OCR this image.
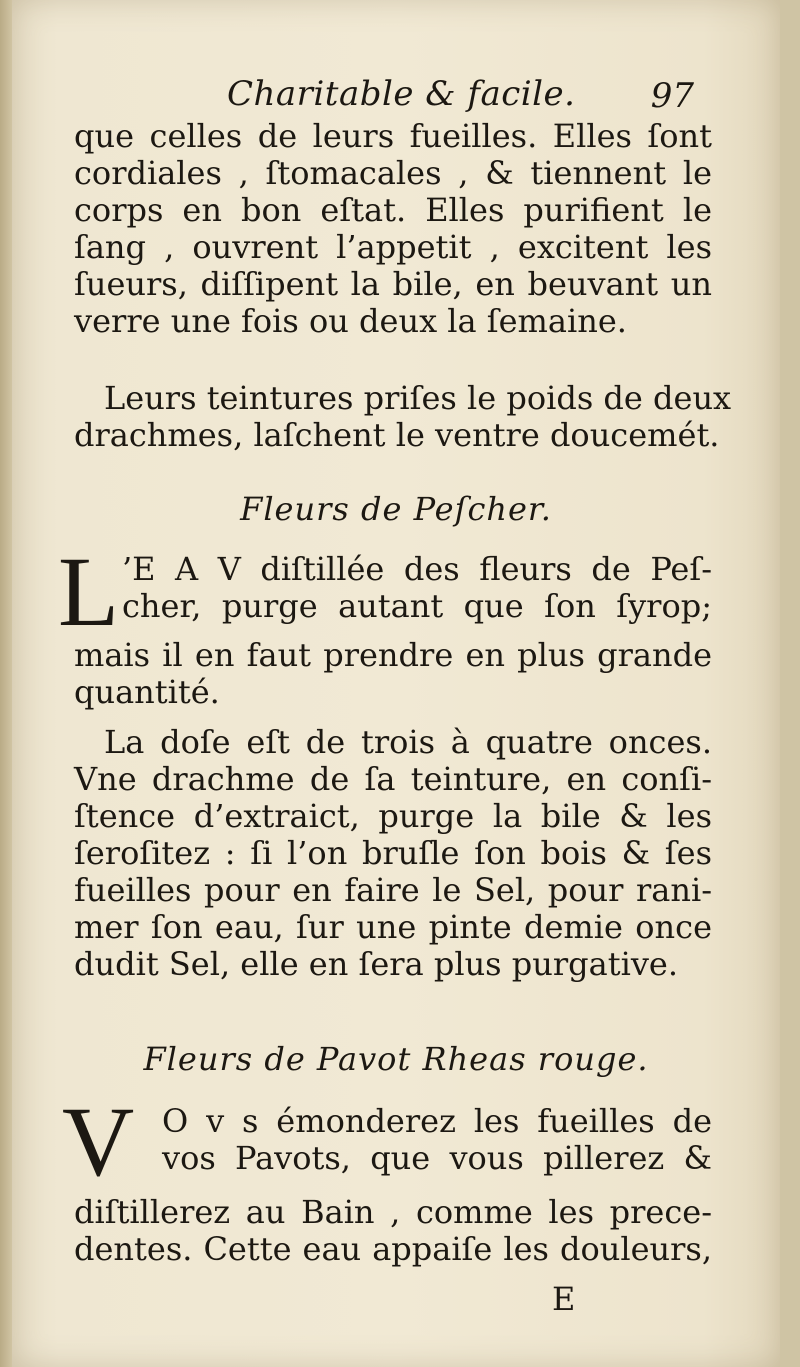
Charitable & facile. 97
que celles de leurs fueilles. Elles ſont
cordiales , ſtomacales , & tiennent le
corps en bon eſtat. Elles purifient le
ſang , ouvrent l’appetit , excitent les
ſueurs, diſſipent la bile, en beuvant un
verre une fois ou deux la ſemaine.
Leurs teintures priſes le poids de deux
drachmes, laſchent le ventre doucemét.
Fleurs de Peſcher.
L ’E A V diſtillée des fleurs de Peſ-
cher, purge autant que ſon ſyrop;
mais il en faut prendre en plus grande
quantité.
La doſe eſt de trois à quatre onces.
Vne drachme de ſa teinture, en conſi-
ſtence d’extraict, purge la bile & les
ſeroſitez : ſi l’on bruſle ſon bois & ſes
fueilles pour en faire le Sel, pour rani-
mer ſon eau, ſur une pinte demie once
dudit Sel, elle en ſera plus purgative.
Fleurs de Pavot Rheas rouge.
V O v s émonderez les fueilles de
vos Pavots, que vous pillerez &
diſtillerez au Bain , comme les prece-
dentes. Cette eau appaiſe les douleurs,
E
